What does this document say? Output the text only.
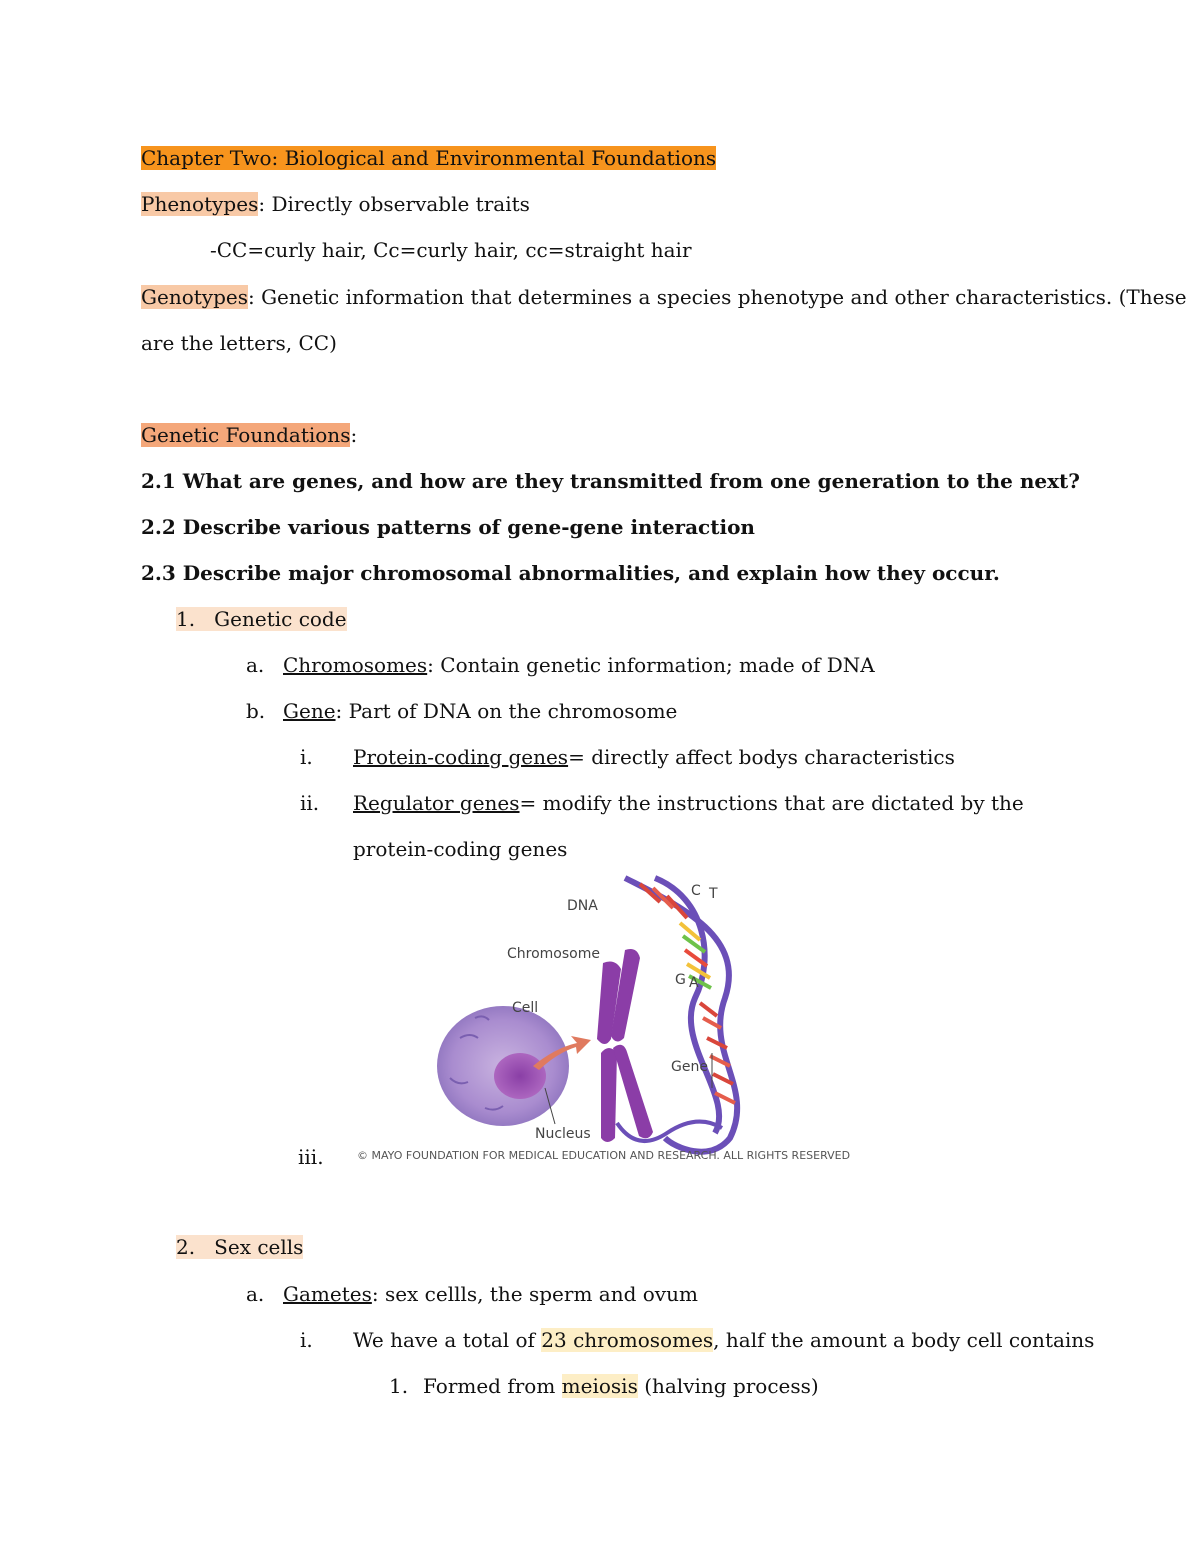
Chapter Two: Biological and Environmental Foundations
Phenotypes: Directly observable traits
-CC=curly hair, Cc=curly hair, cc=straight hair
Genotypes: Genetic information that determines a species phenotype and other characteristics. (These
are the letters, CC)
Genetic Foundations:
2.1 What are genes, and how are they transmitted from one generation to the next?
2.2 Describe various patterns of gene-gene interaction
2.3 Describe major chromosomal abnormalities, and explain how they occur.
1. Genetic code
a. Chromosomes: Contain genetic information; made of DNA
b. Gene: Part of DNA on the chromosome
i. Protein-coding genes= directly affect bodys characteristics
ii. Regulator genes= modify the instructions that are dictated by the
protein-coding genes
iii.
DNA
Chromosome
Cell
Nucleus
Gene
C T
G A
© MAYO FOUNDATION FOR MEDICAL EDUCATION AND RESEARCH. ALL RIGHTS RESERVED
2. Sex cells
a. Gametes: sex cellls, the sperm and ovum
i. We have a total of 23 chromosomes, half the amount a body cell contains
1. Formed from meiosis (halving process)
